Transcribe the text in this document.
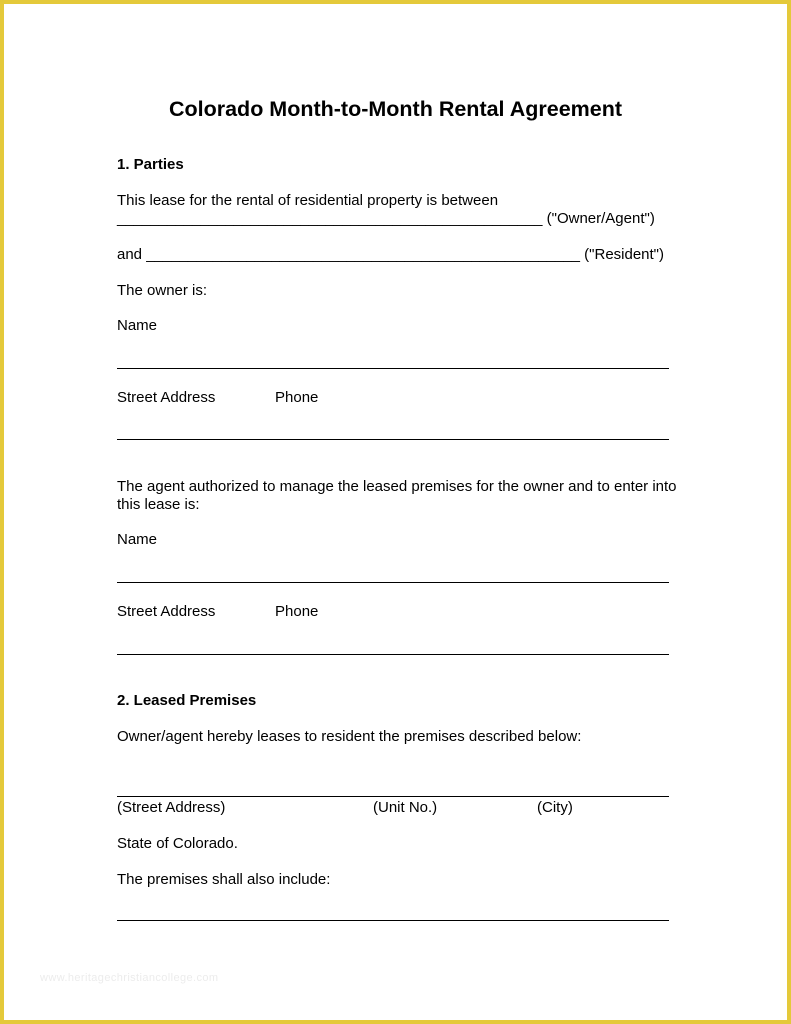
Colorado Month-to-Month Rental Agreement
1. Parties
This lease for the rental of residential property is between
___________________________________________________ ("Owner/Agent")
and ____________________________________________________ ("Resident")
The owner is:
Name
Street Address	Phone
The agent authorized to manage the leased premises for the owner and to enter into this lease is:
Name
Street Address	Phone
2. Leased Premises
Owner/agent hereby leases to resident the premises described below:
(Street Address)	(Unit No.)	(City)
State of Colorado.
The premises shall also include:
www.heritagechristiancollege.com
